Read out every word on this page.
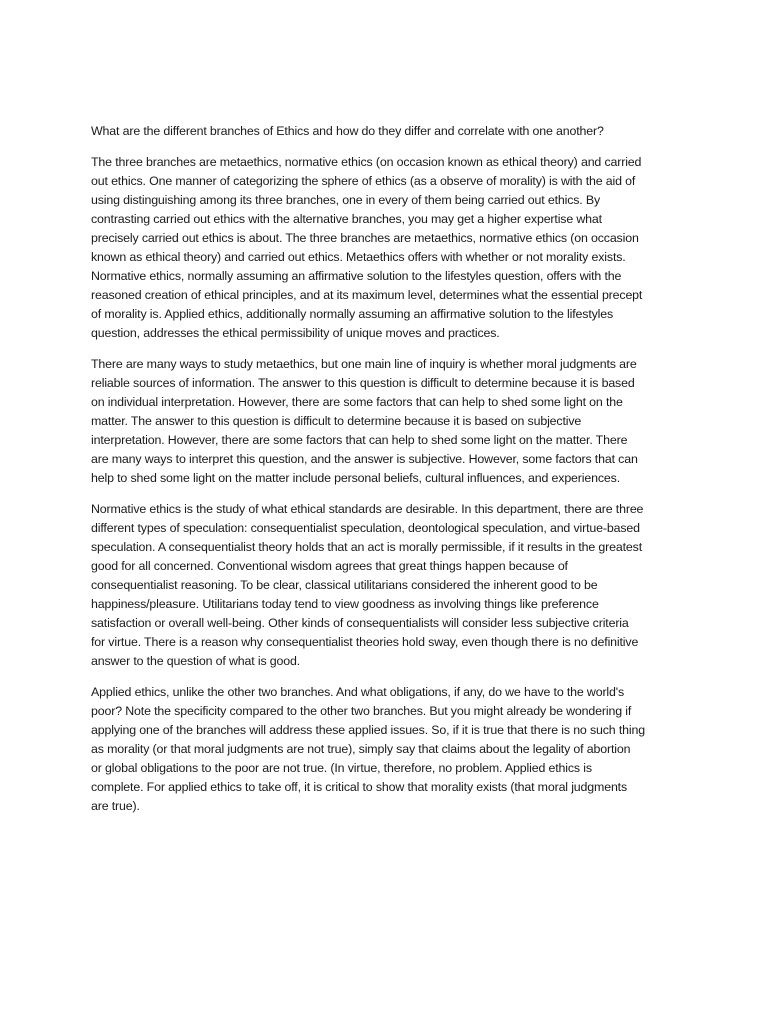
What are the different branches of Ethics and how do they differ and correlate with one another?
The three branches are metaethics, normative ethics (on occasion known as ethical theory) and carried
out ethics. One manner of categorizing the sphere of ethics (as a observe of morality) is with the aid of
using distinguishing among its three branches, one in every of them being carried out ethics. By
contrasting carried out ethics with the alternative branches, you may get a higher expertise what
precisely carried out ethics is about. The three branches are metaethics, normative ethics (on occasion
known as ethical theory) and carried out ethics. Metaethics offers with whether or not morality exists.
Normative ethics, normally assuming an affirmative solution to the lifestyles question, offers with the
reasoned creation of ethical principles, and at its maximum level, determines what the essential precept
of morality is. Applied ethics, additionally normally assuming an affirmative solution to the lifestyles
question, addresses the ethical permissibility of unique moves and practices.
There are many ways to study metaethics, but one main line of inquiry is whether moral judgments are
reliable sources of information. The answer to this question is difficult to determine because it is based
on individual interpretation. However, there are some factors that can help to shed some light on the
matter. The answer to this question is difficult to determine because it is based on subjective
interpretation. However, there are some factors that can help to shed some light on the matter. There
are many ways to interpret this question, and the answer is subjective. However, some factors that can
help to shed some light on the matter include personal beliefs, cultural influences, and experiences.
Normative ethics is the study of what ethical standards are desirable. In this department, there are three
different types of speculation: consequentialist speculation, deontological speculation, and virtue-based
speculation. A consequentialist theory holds that an act is morally permissible, if it results in the greatest
good for all concerned. Conventional wisdom agrees that great things happen because of
consequentialist reasoning. To be clear, classical utilitarians considered the inherent good to be
happiness/pleasure. Utilitarians today tend to view goodness as involving things like preference
satisfaction or overall well-being. Other kinds of consequentialists will consider less subjective criteria
for virtue. There is a reason why consequentialist theories hold sway, even though there is no definitive
answer to the question of what is good.
Applied ethics, unlike the other two branches. And what obligations, if any, do we have to the world's
poor? Note the specificity compared to the other two branches. But you might already be wondering if
applying one of the branches will address these applied issues. So, if it is true that there is no such thing
as morality (or that moral judgments are not true), simply say that claims about the legality of abortion
or global obligations to the poor are not true. (In virtue, therefore, no problem. Applied ethics is
complete. For applied ethics to take off, it is critical to show that morality exists (that moral judgments
are true).
